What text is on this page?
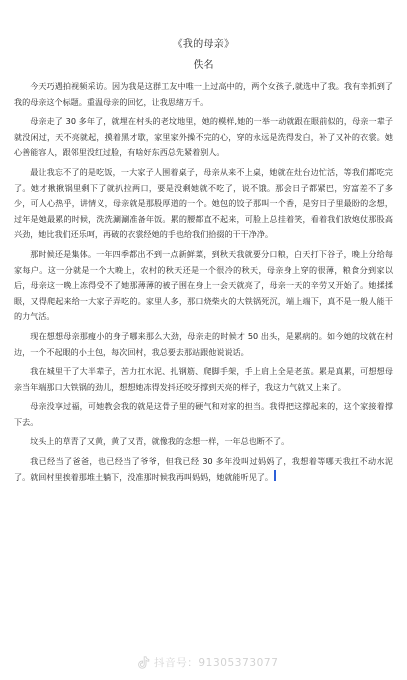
《我的母亲》
佚名

今天巧遇拍视频采访。因为我是这群工友中唯一上过高中的，两个女孩子,就选中了我。我有幸抓到了我的母亲这个标题。重温母亲的回忆，让我思绪万千。

母亲走了 30 多年了，就埋在村头的老坟地里，她的模样,她的一举一动就跟在眼前似的，母亲一辈子就没闲过，天不亮就起，摸着黑才歇，家里家外操不完的心，穿的永远是洗得发白，补了又补的衣裳。她心善能容人，跟邻里没红过脸，有啥好东西总先紧着别人。

最让我忘不了的是吃饭，一大家子人围着桌子，母亲从来不上桌，她就在灶台边忙活，等我们都吃完了。她才揪揪锅里剩下了就扒拉两口，要是没剩她就不吃了，说不饿。那会日子都紧巴，穷富差不了多少，可人心热乎，讲情义，母亲就是那股厚道的一个。她包的饺子那叫一个香，是穷日子里最盼的念想，过年是她最累的时候，洗洗涮涮准备年饭。累的腰都直不起来，可脸上总挂着笑，看着我们放炮仗那股高兴劲，她比我们还乐呵，再破的衣裳经她的手也给我们拾掇的干干净净。

那时候还是集体。一年四季都出不到一点新鲜菜，到秋天我就要分口粮，白天打下谷子，晚上分给每家每户。这一分就是一个大晚上，农村的秋天还是一个很冷的秋天，母亲身上穿的很薄，粮食分到家以后，母亲这一晚上冻得受不了她那薄薄的被子围在身上一会天就亮了，母亲一天的辛劳又开始了。她揉揉眼，又得爬起来给一大家子弄吃的。家里人多，那口烧柴火的大铁锅死沉，端上端下，真不是一般人能干的力气活。

现在想想母亲那瘦小的身子哪来那么大劲，母亲走的时候才 50 出头，是累病的。如今她的坟就在村边，一个不起眼的小土包，每次回村，我总要去那站跟他说说话。

我在城里干了大半辈子，苦力扛水泥、扎钢筋、爬脚手架，手上肩上全是老茧。累是真累，可想想母亲当年端那口大铁锅的劲儿，想想她冻得发抖还咬牙撑到天亮的样子，我这力气就又上来了。

母亲没享过福，可她教会我的就是这骨子里的硬气和对家的担当。我得把这撑起来的，这个家接着撑下去。

坟头上的草青了又黄，黄了又青，就像我的念想一样，一年总也断不了。

我已经当了爸爸，也已经当了爷爷，但我已经 30 多年没叫过妈妈了，我想着等哪天我扛不动水泥了。就回村里挨着那堆土躺下，没准那时候我再叫妈妈，她就能听见了。

抖音号：91305373077
